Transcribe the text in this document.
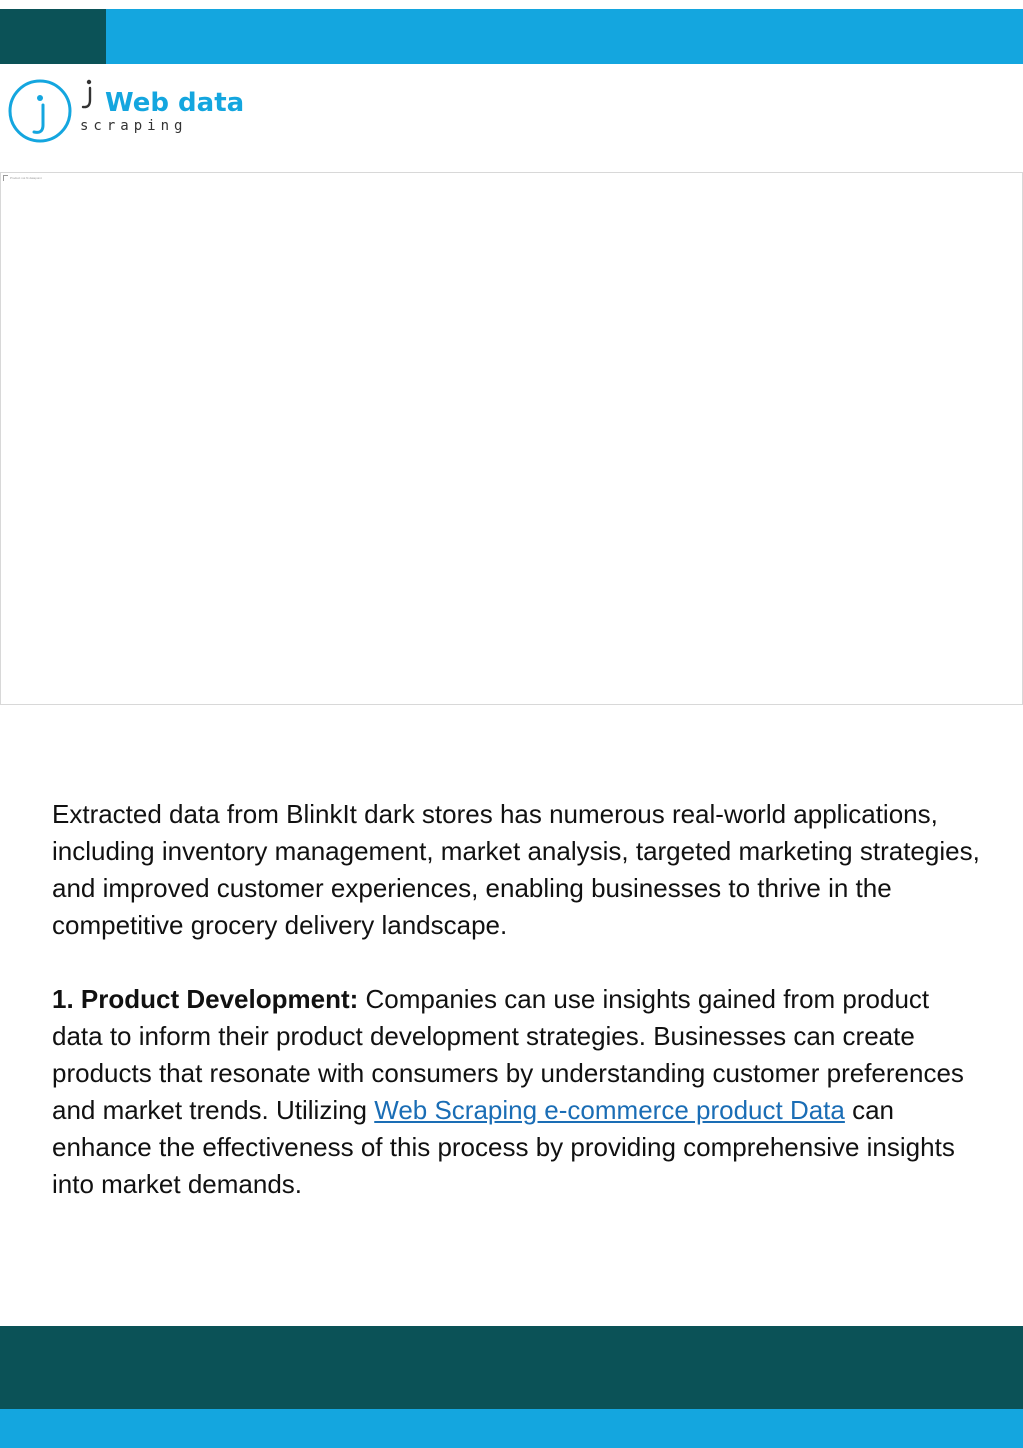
Web data
scraping
Product not fit datapoint

Extracted data from BlinkIt dark stores has numerous real-world applications, including inventory management, market analysis, targeted marketing strategies, and improved customer experiences, enabling businesses to thrive in the competitive grocery delivery landscape.

1. Product Development: Companies can use insights gained from product data to inform their product development strategies. Businesses can create products that resonate with consumers by understanding customer preferences and market trends. Utilizing Web Scraping e-commerce product Data can enhance the effectiveness of this process by providing comprehensive insights into market demands.
